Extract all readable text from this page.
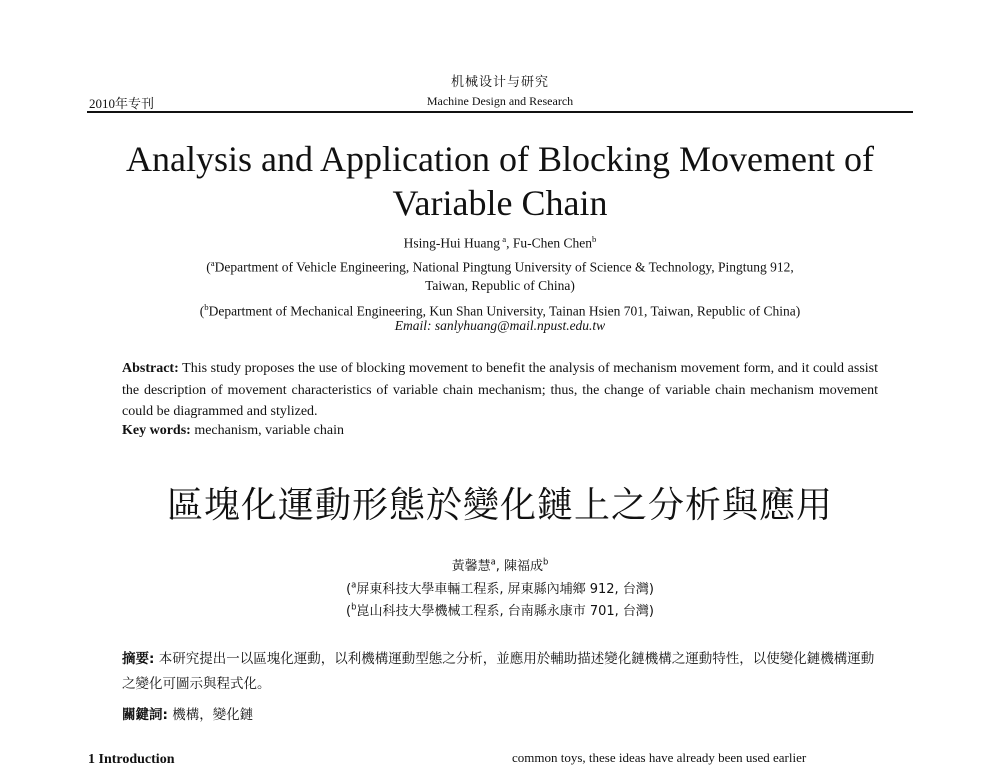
机械设计与研究
2010年专刊	Machine Design and Research
Analysis and Application of Blocking Movement of
Variable Chain
Hsing-Hui Huang $^a$, Fu-Chen Chen$^b$
($^a$Department of Vehicle Engineering, National Pingtung University of Science & Technology, Pingtung 912,
Taiwan, Republic of China)
($^b$Department of Mechanical Engineering, Kun Shan University, Tainan Hsien 701, Taiwan, Republic of China)
Email: sanlyhuang@mail.npust.edu.tw
Abstract: This study proposes the use of blocking movement to benefit the analysis of mechanism movement form, and it could assist the description of movement characteristics of variable chain mechanism; thus, the change of variable chain mechanism movement could be diagrammed and stylized.
Key words: mechanism, variable chain
區塊化運動形態於變化鏈上之分析與應用
黃馨慧$^a$, 陳福成$^b$
($^a$屏東科技大學車輛工程系, 屏東縣內埔鄉 912, 台灣)
($^b$崑山科技大學機械工程系, 台南縣永康市 701, 台灣)
摘要: 本研究提出一以區塊化運動，以利機構運動型態之分析，並應用於輔助描述變化鏈機構之運動特性，以使變化鏈機構運動之變化可圖示與程式化。
關鍵詞: 機構，變化鏈
1 Introduction	common toys, these ideas have already been used earlier
